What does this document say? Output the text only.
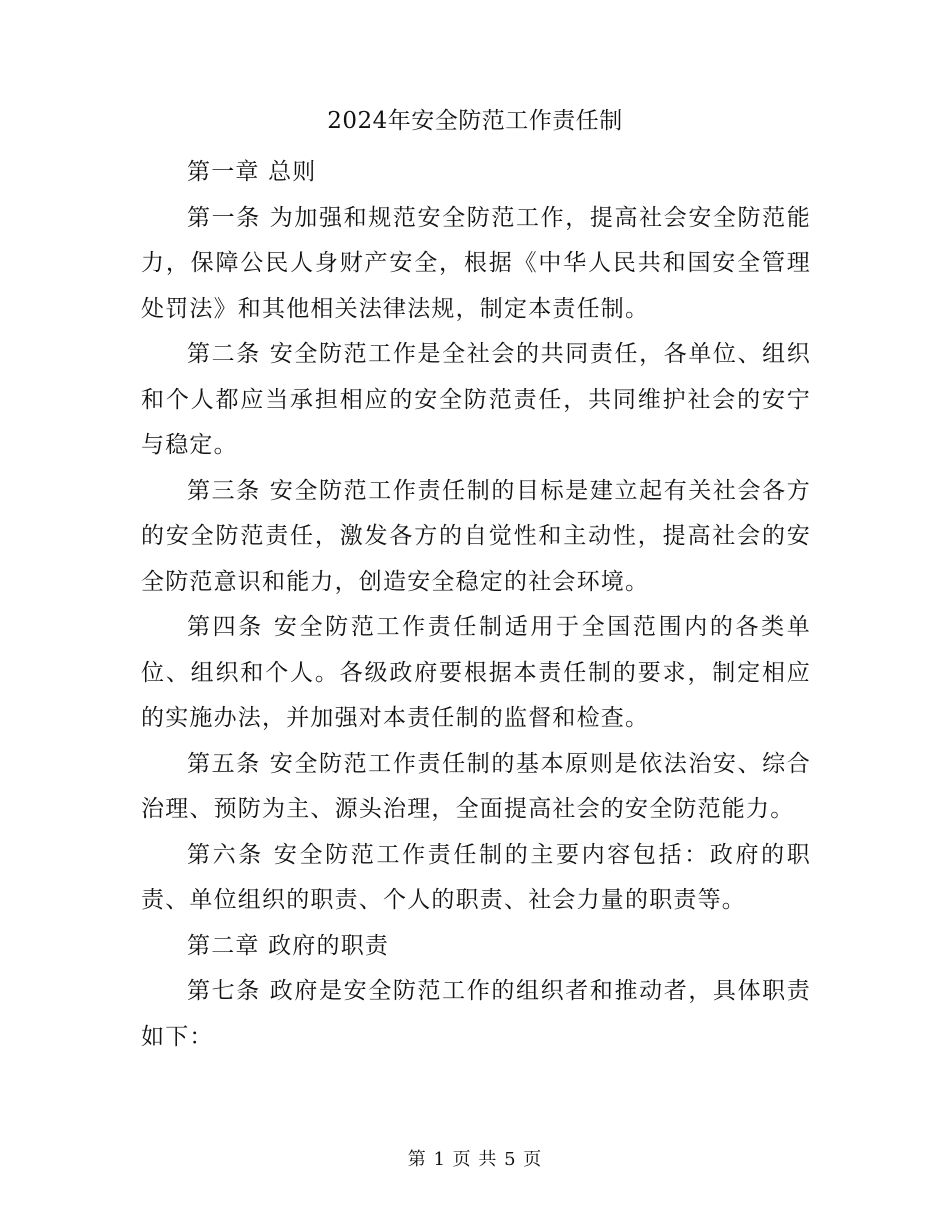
2024年安全防范工作责任制

第一章 总则

第一条 为加强和规范安全防范工作，提高社会安全防范能力，保障公民人身财产安全，根据《中华人民共和国安全管理处罚法》和其他相关法律法规，制定本责任制。

第二条 安全防范工作是全社会的共同责任，各单位、组织和个人都应当承担相应的安全防范责任，共同维护社会的安宁与稳定。

第三条 安全防范工作责任制的目标是建立起有关社会各方的安全防范责任，激发各方的自觉性和主动性，提高社会的安全防范意识和能力，创造安全稳定的社会环境。

第四条 安全防范工作责任制适用于全国范围内的各类单位、组织和个人。各级政府要根据本责任制的要求，制定相应的实施办法，并加强对本责任制的监督和检查。

第五条 安全防范工作责任制的基本原则是依法治安、综合治理、预防为主、源头治理，全面提高社会的安全防范能力。

第六条 安全防范工作责任制的主要内容包括：政府的职责、单位组织的职责、个人的职责、社会力量的职责等。

第二章 政府的职责

第七条 政府是安全防范工作的组织者和推动者，具体职责如下：

第 1 页 共 5 页
